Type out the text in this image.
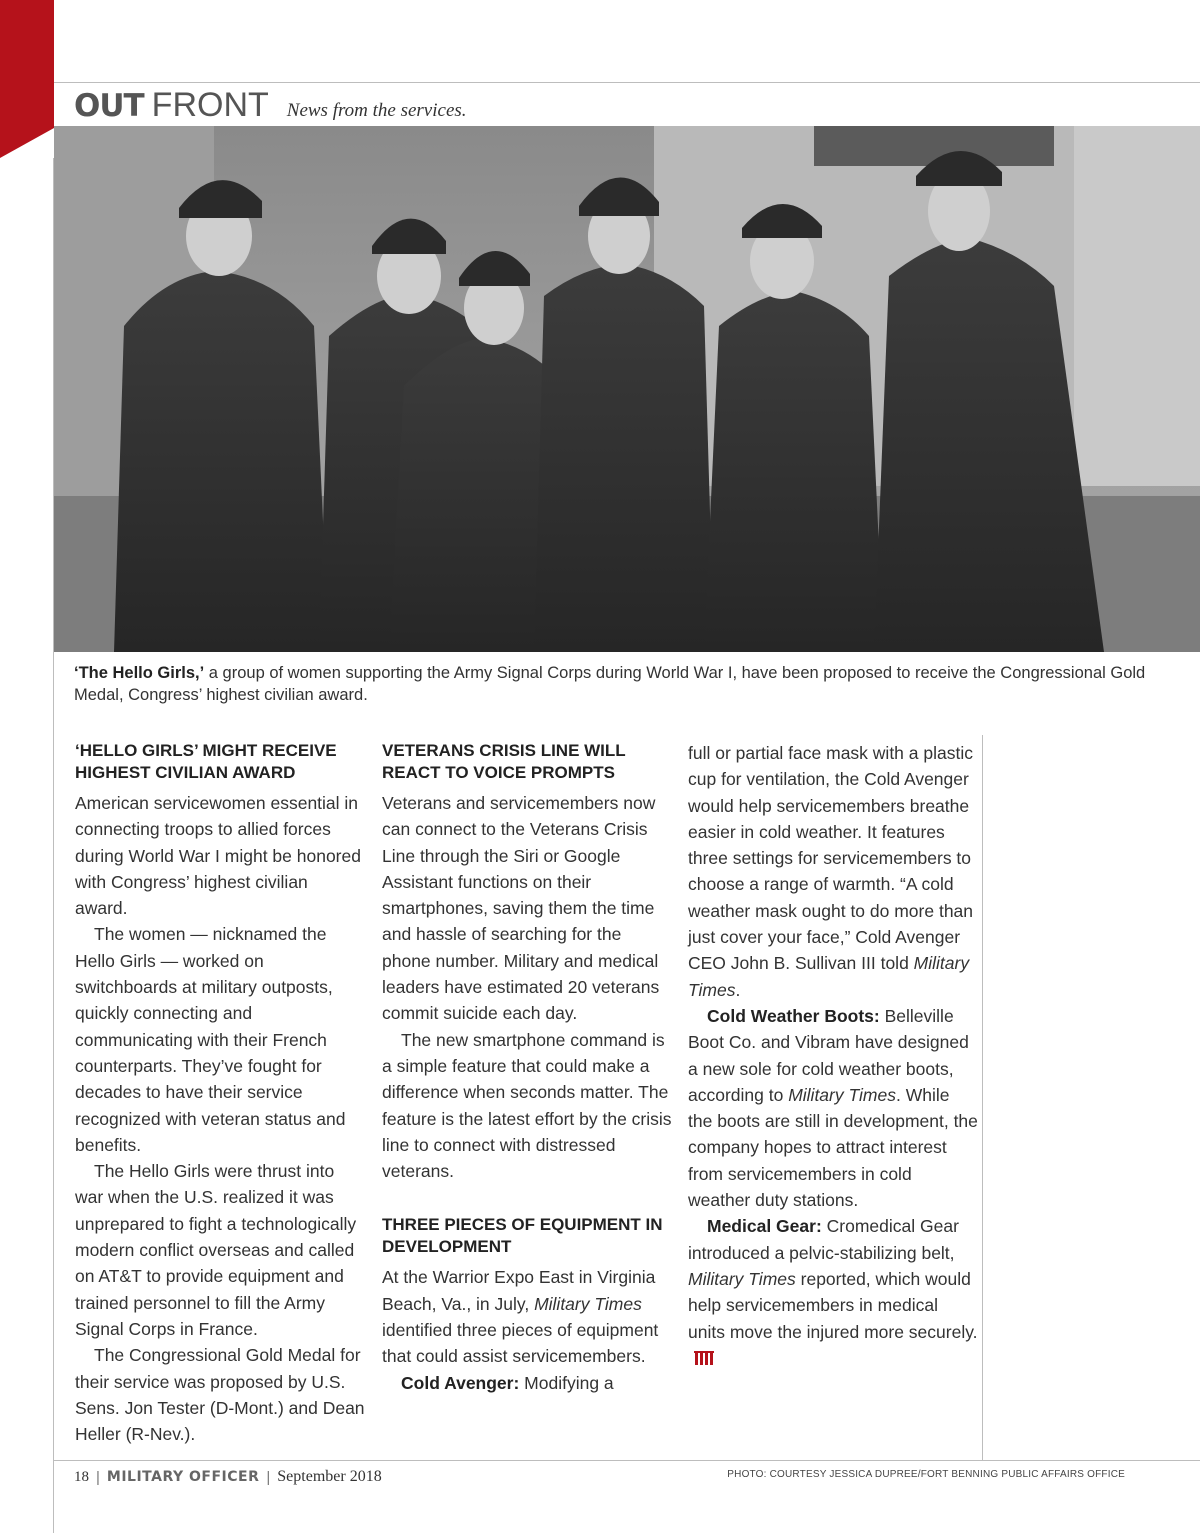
OUT FRONT News from the services.
‘The Hello Girls,’ a group of women supporting the Army Signal Corps during World War I, have been proposed to receive the Congressional Gold Medal, Congress’ highest civilian award.
‘HELLO GIRLS’ MIGHT RECEIVE HIGHEST CIVILIAN AWARD

American servicewomen essential in connecting troops to allied forces during World War I might be honored with Congress’ highest civilian award.

The women — nicknamed the Hello Girls — worked on switchboards at military outposts, quickly connecting and communicating with their French counterparts. They’ve fought for decades to have their service recognized with veteran status and benefits.

The Hello Girls were thrust into war when the U.S. realized it was unprepared to fight a technologically modern conflict overseas and called on AT&T to provide equipment and trained personnel to fill the Army Signal Corps in France.

The Congressional Gold Medal for their service was proposed by U.S. Sens. Jon Tester (D-Mont.) and Dean Heller (R-Nev.).

VETERANS CRISIS LINE WILL REACT TO VOICE PROMPTS

Veterans and servicemembers now can connect to the Veterans Crisis Line through the Siri or Google Assistant functions on their smartphones, saving them the time and hassle of searching for the phone number. Military and medical leaders have estimated 20 veterans commit suicide each day.

The new smartphone command is a simple feature that could make a difference when seconds matter. The feature is the latest effort by the crisis line to connect with distressed veterans.

THREE PIECES OF EQUIPMENT IN DEVELOPMENT

At the Warrior Expo East in Virginia Beach, Va., in July, Military Times identified three pieces of equipment that could assist servicemembers.

Cold Avenger: Modifying a

full or partial face mask with a plastic cup for ventilation, the Cold Avenger would help servicemembers breathe easier in cold weather. It features three settings for servicemembers to choose a range of warmth. “A cold weather mask ought to do more than just cover your face,” Cold Avenger CEO John B. Sullivan III told Military Times.

Cold Weather Boots: Belleville Boot Co. and Vibram have designed a new sole for cold weather boots, according to Military Times. While the boots are still in development, the company hopes to attract interest from servicemembers in cold weather duty stations.

Medical Gear: Cromedical Gear introduced a pelvic-stabilizing belt, Military Times reported, which would help servicemembers in medical units move the injured more securely.

18 | MILITARY OFFICER | September 2018	PHOTO: COURTESY JESSICA DUPREE/FORT BENNING PUBLIC AFFAIRS OFFICE
